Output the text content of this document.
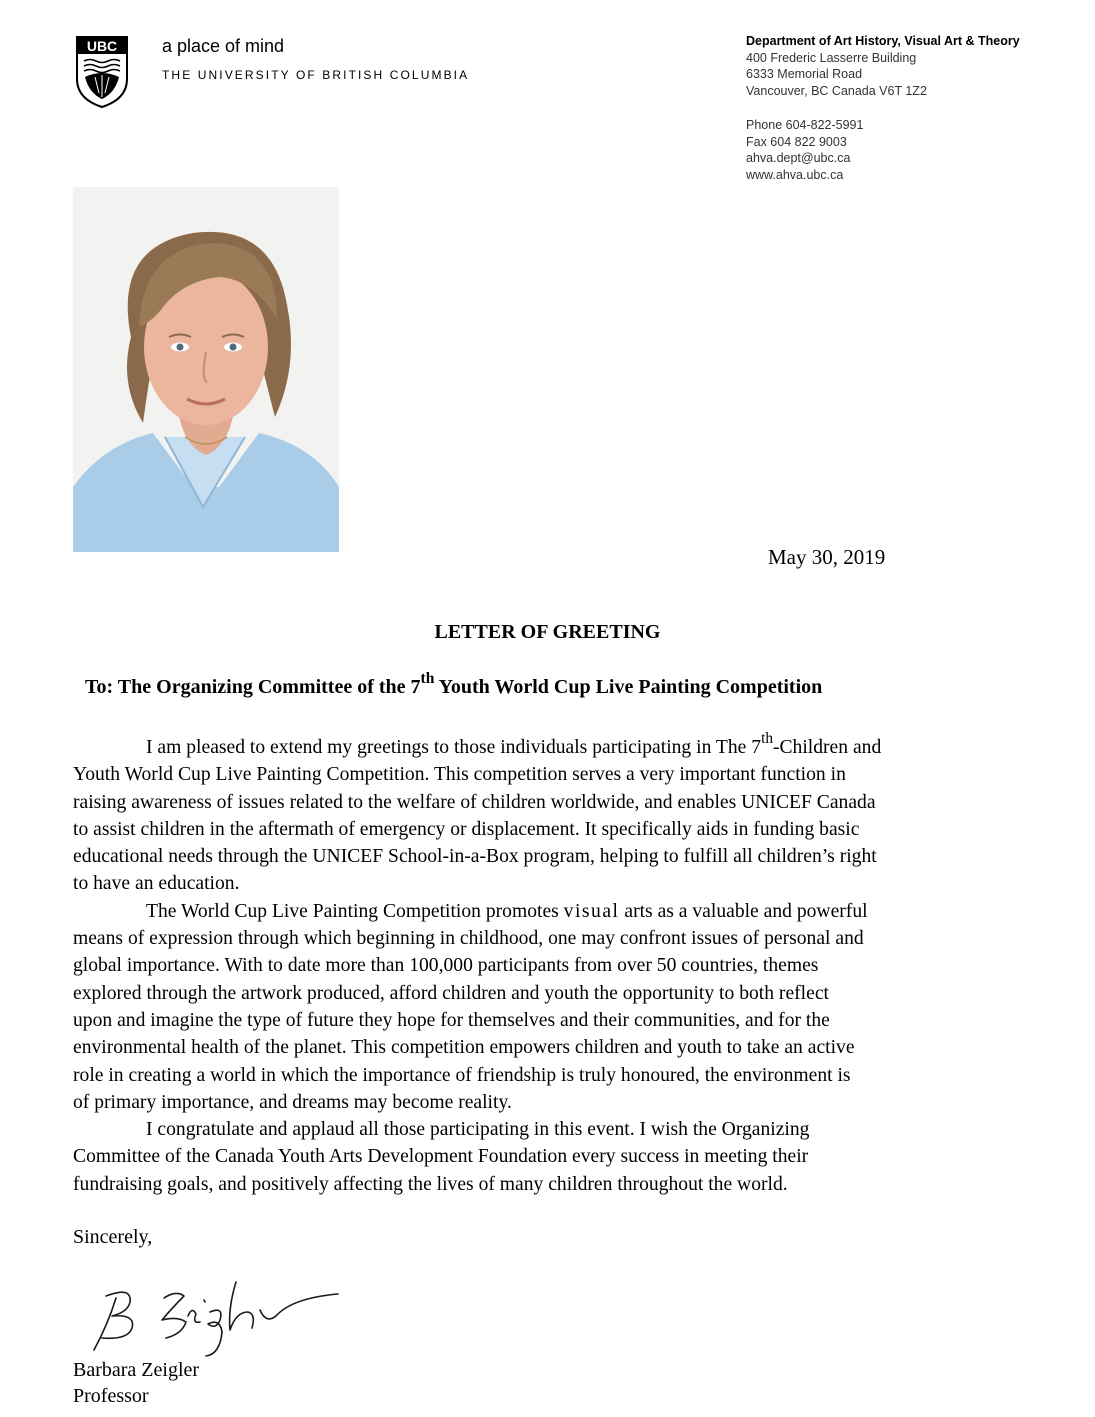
UBC a place of mind
THE UNIVERSITY OF BRITISH COLUMBIA
Department of Art History, Visual Art & Theory
400 Frederic Lasserre Building
6333 Memorial Road
Vancouver, BC Canada V6T 1Z2
Phone 604-822-5991
Fax 604 822 9003
ahva.dept@ubc.ca
www.ahva.ubc.ca
May 30, 2019
LETTER OF GREETING
To: The Organizing Committee of the 7th Youth World Cup Live Painting Competition

I am pleased to extend my greetings to those individuals participating in The 7th-Children and
Youth World Cup Live Painting Competition. This competition serves a very important function in
raising awareness of issues related to the welfare of children worldwide, and enables UNICEF Canada
to assist children in the aftermath of emergency or displacement. It specifically aids in funding basic
educational needs through the UNICEF School-in-a-Box program, helping to fulfill all children’s right
to have an education.

The World Cup Live Painting Competition promotes visual arts as a valuable and powerful
means of expression through which beginning in childhood, one may confront issues of personal and
global importance. With to date more than 100,000 participants from over 50 countries, themes
explored through the artwork produced, afford children and youth the opportunity to both reflect
upon and imagine the type of future they hope for themselves and their communities, and for the
environmental health of the planet. This competition empowers children and youth to take an active
role in creating a world in which the importance of friendship is truly honoured, the environment is
of primary importance, and dreams may become reality.

I congratulate and applaud all those participating in this event. I wish the Organizing
Committee of the Canada Youth Arts Development Foundation every success in meeting their
fundraising goals, and positively affecting the lives of many children throughout the world.

Sincerely,
Barbara Zeigler
Professor
